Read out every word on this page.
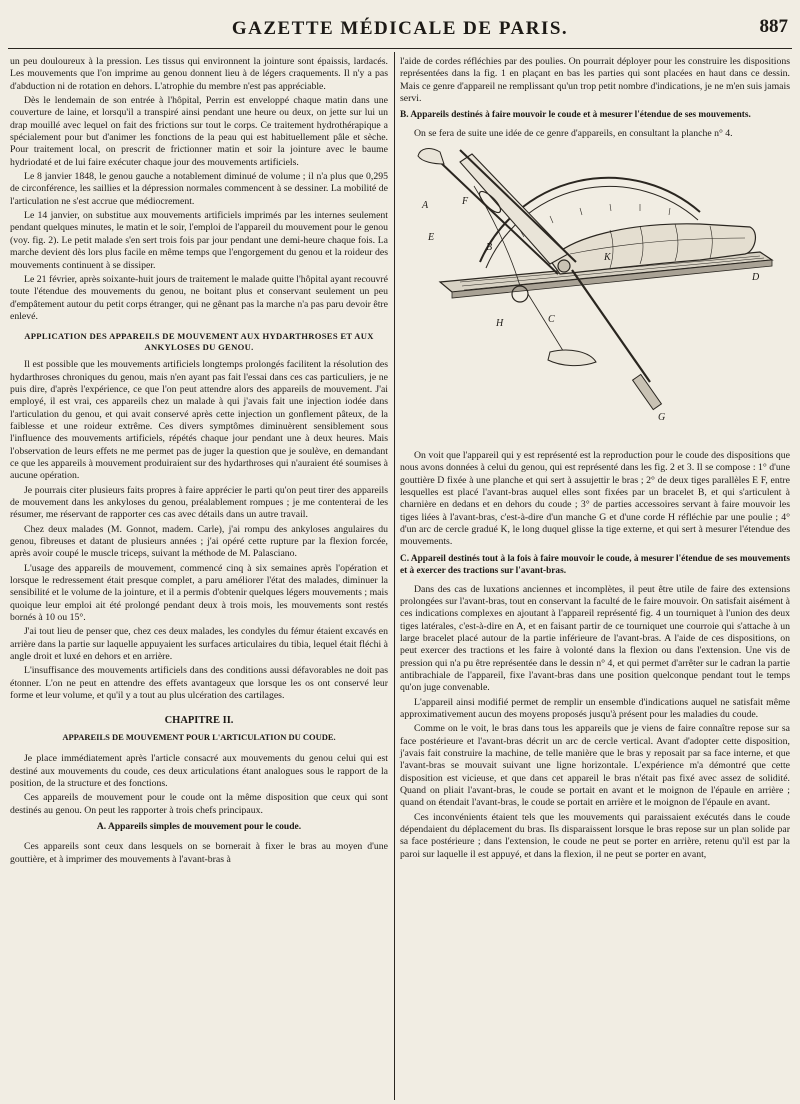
GAZETTE MÉDICALE DE PARIS.	887

un peu douloureux à la pression. Les tissus qui environnent la jointure sont épaissis, lardacés. Les mouvements que l'on imprime au genou donnent lieu à de légers craquements. Il n'y a pas d'abduction ni de rotation en dehors. L'atrophie du membre n'est pas appréciable.

Dès le lendemain de son entrée à l'hôpital, Perrin est enveloppé chaque matin dans une couverture de laine, et lorsqu'il a transpiré ainsi pendant une heure ou deux, on jette sur lui un drap mouillé avec lequel on fait des frictions sur tout le corps. Ce traitement hydrothérapique a spécialement pour but d'animer les fonctions de la peau qui est habituellement pâle et sèche. Pour traitement local, on prescrit de frictionner matin et soir la jointure avec le baume hydriodaté et de lui faire exécuter chaque jour des mouvements artificiels.

Le 8 janvier 1848, le genou gauche a notablement diminué de volume ; il n'a plus que 0,295 de circonférence, les saillies et la dépression normales commencent à se dessiner. La mobilité de l'articulation ne s'est accrue que médiocrement.

Le 14 janvier, on substitue aux mouvements artificiels imprimés par les internes seulement pendant quelques minutes, le matin et le soir, l'emploi de l'appareil du mouvement pour le genou (voy. fig. 2). Le petit malade s'en sert trois fois par jour pendant une demi-heure chaque fois. La marche devient dès lors plus facile en même temps que l'engorgement du genou et la roideur des mouvements continuent à se dissiper.

Le 21 février, après soixante-huit jours de traitement le malade quitte l'hôpital ayant recouvré toute l'étendue des mouvements du genou, ne boitant plus et conservant seulement un peu d'empâtement autour du petit corps étranger, qui ne gênant pas la marche n'a pas paru devoir être enlevé.

APPLICATION DES APPAREILS DE MOUVEMENT AUX HYDARTHROSES ET AUX ANKYLOSES DU GENOU.

Il est possible que les mouvements artificiels longtemps prolongés facilitent la résolution des hydarthroses chroniques du genou, mais n'en ayant pas fait l'essai dans ces cas particuliers, je ne puis dire, d'après l'expérience, ce que l'on peut attendre alors des appareils de mouvement. J'ai employé, il est vrai, ces appareils chez un malade à qui j'avais fait une injection iodée dans l'articulation du genou, et qui avait conservé après cette injection un gonflement pâteux, de la faiblesse et une roideur extrême. Ces divers symptômes diminuèrent sensiblement sous l'influence des mouvements artificiels, répétés chaque jour pendant une à deux heures. Mais l'observation de leurs effets ne me permet pas de juger la question que je soulève, en demandant ce que les appareils à mouvement produiraient sur des hydarthroses qui n'auraient été soumises à aucune opération.

Je pourrais citer plusieurs faits propres à faire apprécier le parti qu'on peut tirer des appareils de mouvement dans les ankyloses du genou, préalablement rompues ; je me contenterai de les résumer, me réservant de rapporter ces cas avec détails dans un autre travail.

Chez deux malades (M. Gonnot, madem. Carle), j'ai rompu des ankyloses angulaires du genou, fibreuses et datant de plusieurs années ; j'ai opéré cette rupture par la flexion forcée, après avoir coupé le muscle triceps, suivant la méthode de M. Palasciano.

L'usage des appareils de mouvement, commencé cinq à six semaines après l'opération et lorsque le redressement était presque complet, a paru améliorer l'état des malades, diminuer la sensibilité et le volume de la jointure, et il a permis d'obtenir quelques légers mouvements ; mais quoique leur emploi ait été prolongé pendant deux à trois mois, les mouvements sont restés bornés à 10 ou 15°.

J'ai tout lieu de penser que, chez ces deux malades, les condyles du fémur étaient excavés en arrière dans la partie sur laquelle appuyaient les surfaces articulaires du tibia, lequel était fléchi à angle droit et luxé en dehors et en arrière.

L'insuffisance des mouvements artificiels dans des conditions aussi défavorables ne doit pas étonner. L'on ne peut en attendre des effets avantageux que lorsque les os ont conservé leur forme et leur volume, et qu'il y a tout au plus ulcération des cartilages.

CHAPITRE II.

APPAREILS DE MOUVEMENT POUR L'ARTICULATION DU COUDE.

Je place immédiatement après l'article consacré aux mouvements du genou celui qui est destiné aux mouvements du coude, ces deux articulations étant analogues sous le rapport de la position, de la structure et des fonctions.

Ces appareils de mouvement pour le coude ont la même disposition que ceux qui sont destinés au genou. On peut les rapporter à trois chefs principaux.

A. Appareils simples de mouvement pour le coude.

Ces appareils sont ceux dans lesquels on se bornerait à fixer le bras au moyen d'une gouttière, et à imprimer des mouvements à l'avant-bras à

l'aide de cordes réfléchies par des poulies. On pourrait déployer pour les construire les dispositions représentées dans la fig. 1 en plaçant en bas les parties qui sont placées en haut dans ce dessin. Mais ce genre d'appareil ne remplissant qu'un trop petit nombre d'indications, je ne m'en suis jamais servi.

B. Appareils destinés à faire mouvoir le coude et à mesurer l'étendue de ses mouvements.

On se fera de suite une idée de ce genre d'appareils, en consultant la planche n° 4.

A	F
E
B
C
K
H
D
G

On voit que l'appareil qui y est représenté est la reproduction pour le coude des dispositions que nous avons données à celui du genou, qui est représenté dans les fig. 2 et 3. Il se compose : 1° d'une gouttière D fixée à une planche et qui sert à assujettir le bras ; 2° de deux tiges parallèles E F, entre lesquelles est placé l'avant-bras auquel elles sont fixées par un bracelet B, et qui s'articulent à charnière en dedans et en dehors du coude ; 3° de parties accessoires servant à faire mouvoir les tiges liées à l'avant-bras, c'est-à-dire d'un manche G et d'une corde H réfléchie par une poulie ; 4° d'un arc de cercle gradué K, le long duquel glisse la tige externe, et qui sert à mesurer l'étendue des mouvements.

C. Appareil destinés tout à la fois à faire mouvoir le coude, à mesurer l'étendue de ses mouvements et à exercer des tractions sur l'avant-bras.

Dans des cas de luxations anciennes et incomplètes, il peut être utile de faire des extensions prolongées sur l'avant-bras, tout en conservant la faculté de le faire mouvoir. On satisfait aisément à ces indications complexes en ajoutant à l'appareil représenté fig. 4 un tourniquet à l'union des deux tiges latérales, c'est-à-dire en A, et en faisant partir de ce tourniquet une courroie qui s'attache à un large bracelet placé autour de la partie inférieure de l'avant-bras. A l'aide de ces dispositions, on peut exercer des tractions et les faire à volonté dans la flexion ou dans l'extension. Une vis de pression qui n'a pu être représentée dans le dessin n° 4, et qui permet d'arrêter sur le cadran la partie antibrachiale de l'appareil, fixe l'avant-bras dans une position quelconque pendant tout le temps qu'on juge convenable.

L'appareil ainsi modifié permet de remplir un ensemble d'indications auquel ne satisfait même approximativement aucun des moyens proposés jusqu'à présent pour les maladies du coude.

Comme on le voit, le bras dans tous les appareils que je viens de faire connaître repose sur sa face postérieure et l'avant-bras décrit un arc de cercle vertical. Avant d'adopter cette disposition, j'avais fait construire la machine, de telle manière que le bras y reposait par sa face interne, et que l'avant-bras se mouvait suivant une ligne horizontale. L'expérience m'a démontré que cette disposition est vicieuse, et que dans cet appareil le bras n'était pas fixé avec assez de solidité. Quand on pliait l'avant-bras, le coude se portait en avant et le moignon de l'épaule en arrière ; quand on étendait l'avant-bras, le coude se portait en arrière et le moignon de l'épaule en avant.

Ces inconvénients étaient tels que les mouvements qui paraissaient exécutés dans le coude dépendaient du déplacement du bras. Ils disparaissent lorsque le bras repose sur un plan solide par sa face postérieure ; dans l'extension, le coude ne peut se porter en arrière, retenu qu'il est par la paroi sur laquelle il est appuyé, et dans la flexion, il ne peut se porter en avant,
